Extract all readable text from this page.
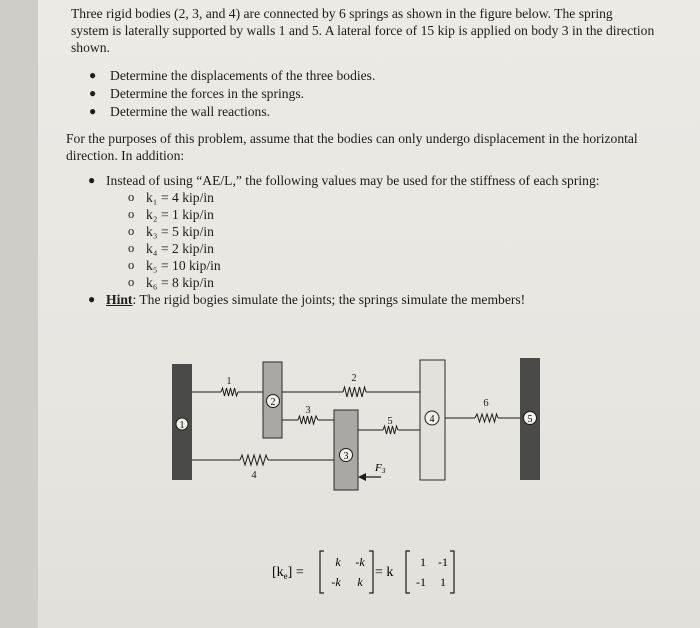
Three rigid bodies (2, 3, and 4) are connected by 6 springs as shown in the figure below. The spring
system is laterally supported by walls 1 and 5. A lateral force of 15 kip is applied on body 3 in the direction
shown.
● Determine the displacements of the three bodies.
● Determine the forces in the springs.
● Determine the wall reactions.
For the purposes of this problem, assume that the bodies can only undergo displacement in the horizontal
direction. In addition:
● Instead of using “AE/L,” the following values may be used for the stiffness of each spring:
o k₁ = 4 kip/in
o k₂ = 1 kip/in
o k₃ = 5 kip/in
o k₄ = 2 kip/in
o k₅ = 10 kip/in
o k₆ = 8 kip/in
● Hint: The rigid bogies simulate the joints; the springs simulate the members!
1
2
3
4	5
1	2
3
4
5
6
F3
$[k_e]$ =
k -k
-k k
= k
1 -1
-1 1
